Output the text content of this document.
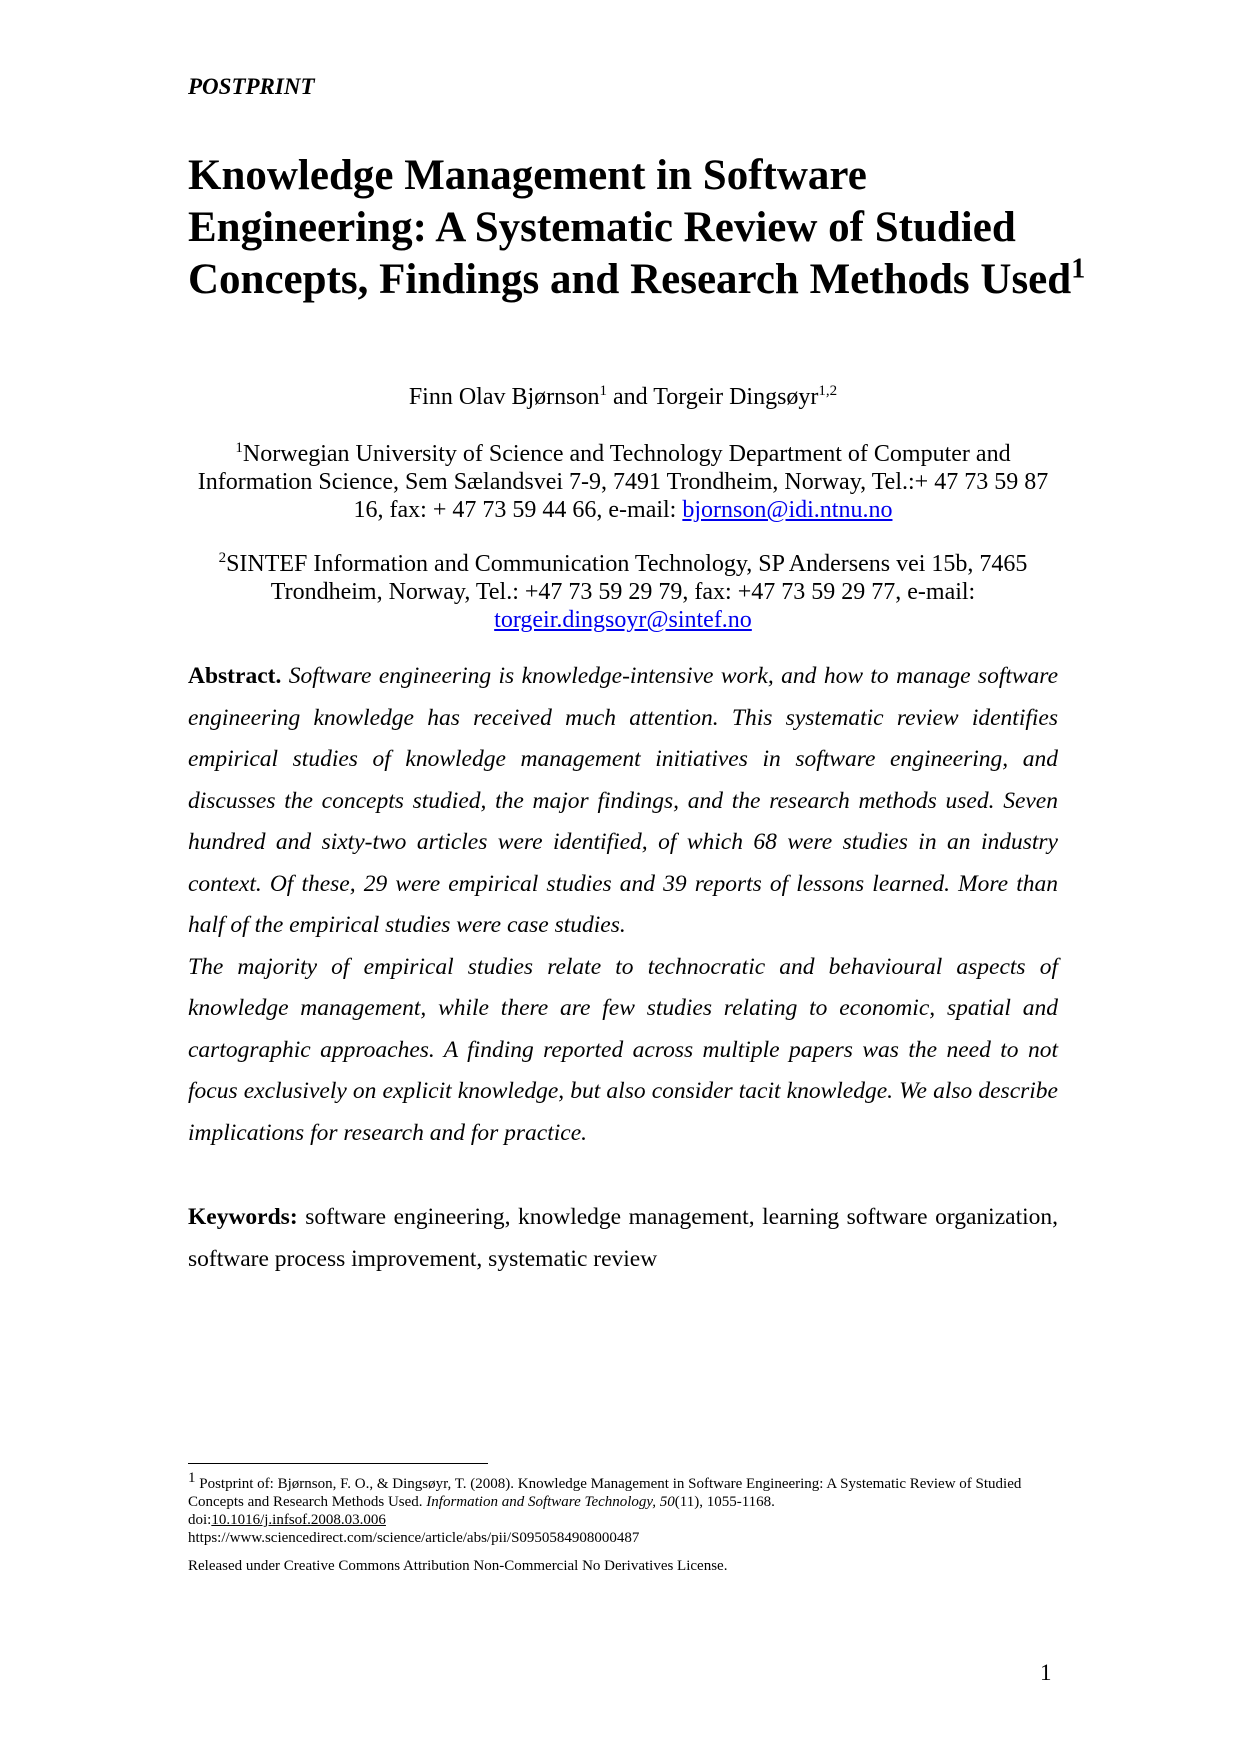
POSTPRINT
Knowledge Management in Software Engineering: A Systematic Review of Studied Concepts, Findings and Research Methods Used$^1$
Finn Olav Bjørnson$^1$ and Torgeir Dingsøyr$^{1,2}$
$^1$Norwegian University of Science and Technology Department of Computer and Information Science, Sem Sælandsvei 7-9, 7491 Trondheim, Norway, Tel.:+ 47 73 59 87 16, fax: + 47 73 59 44 66, e-mail: bjornson@idi.ntnu.no
$^2$SINTEF Information and Communication Technology, SP Andersens vei 15b, 7465 Trondheim, Norway, Tel.: +47 73 59 29 79, fax: +47 73 59 29 77, e-mail: torgeir.dingsoyr@sintef.no

Abstract. Software engineering is knowledge-intensive work, and how to manage software engineering knowledge has received much attention. This systematic review identifies empirical studies of knowledge management initiatives in software engineering, and discusses the concepts studied, the major findings, and the research methods used. Seven hundred and sixty-two articles were identified, of which 68 were studies in an industry context. Of these, 29 were empirical studies and 39 reports of lessons learned. More than half of the empirical studies were case studies.

The majority of empirical studies relate to technocratic and behavioural aspects of knowledge management, while there are few studies relating to economic, spatial and cartographic approaches. A finding reported across multiple papers was the need to not focus exclusively on explicit knowledge, but also consider tacit knowledge. We also describe implications for research and for practice.

Keywords: software engineering, knowledge management, learning software organization, software process improvement, systematic review

$^1$ Postprint of: Bjørnson, F. O., & Dingsøyr, T. (2008). Knowledge Management in Software Engineering: A Systematic Review of Studied Concepts and Research Methods Used. Information and Software Technology, 50(11), 1055-1168.

doi:10.1016/j.infsof.2008.03.006

https://www.sciencedirect.com/science/article/abs/pii/S0950584908000487

Released under Creative Commons Attribution Non-Commercial No Derivatives License.

1
